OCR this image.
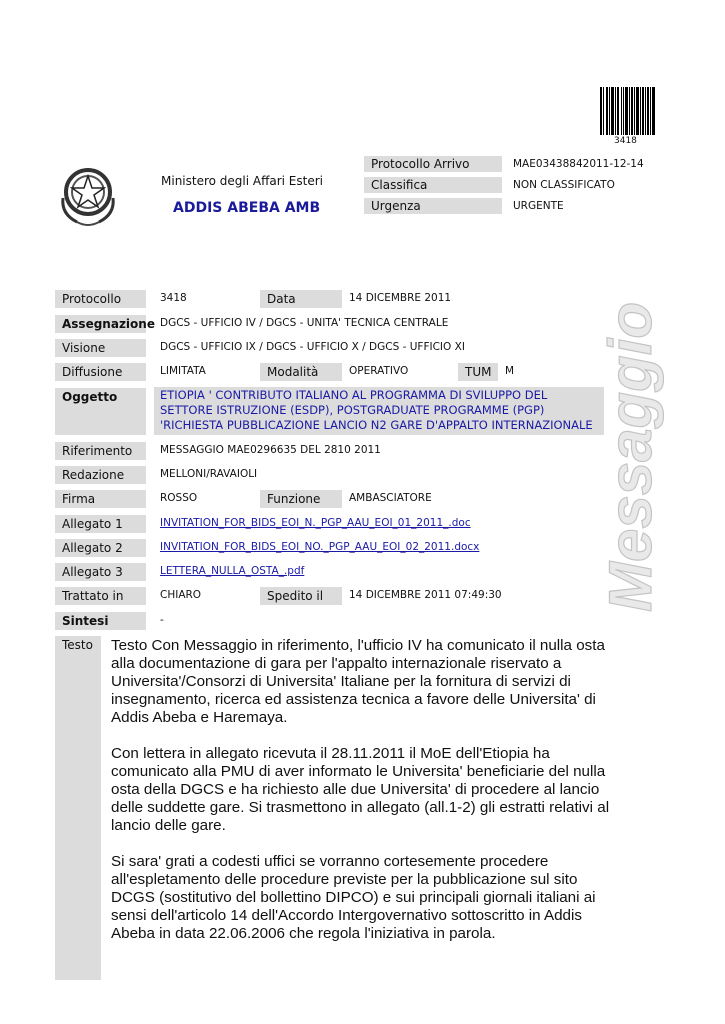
3418
Ministero degli Affari Esteri
ADDIS ABEBA AMB
Protocollo Arrivo	MAE03438842011-12-14
Classifica	NON CLASSIFICATO
Urgenza	URGENTE
Protocollo	3418	Data	14 DICEMBRE 2011
Assegnazione DGCS - UFFICIO IV / DGCS - UNITA' TECNICA CENTRALE
Visione	DGCS - UFFICIO IX / DGCS - UFFICIO X / DGCS - UFFICIO XI
Diffusione	LIMITATA	Modalità	OPERATIVO	TUM	M
Oggetto	ETIOPIA ' CONTRIBUTO ITALIANO AL PROGRAMMA DI SVILUPPO DEL SETTORE ISTRUZIONE (ESDP), POSTGRADUATE PROGRAMME (PGP) 'RICHIESTA PUBBLICAZIONE LANCIO N2 GARE D'APPALTO INTERNAZIONALE
Riferimento	MESSAGGIO MAE0296635 DEL 2810 2011
Redazione	MELLONI/RAVAIOLI
Firma	ROSSO	Funzione	AMBASCIATORE
Allegato 1	INVITATION_FOR_BIDS_EOI_N._PGP_AAU_EOI_01_2011_.doc
Allegato 2	INVITATION_FOR_BIDS_EOI_NO._PGP_AAU_EOI_02_2011.docx
Allegato 3	LETTERA_NULLA_OSTA_.pdf
Trattato in	CHIARO	Spedito il	14 DICEMBRE 2011 07:49:30
Sintesi	-
Testo Testo Con Messaggio in riferimento, l'ufficio IV ha comunicato il nulla osta alla documentazione di gara per l'appalto internazionale riservato a Universita'/Consorzi di Universita' Italiane per la fornitura di servizi di insegnamento, ricerca ed assistenza tecnica a favore delle Universita' di Addis Abeba e Haremaya.

Con lettera in allegato ricevuta il 28.11.2011 il MoE dell'Etiopia ha comunicato alla PMU di aver informato le Universita' beneficiarie del nulla osta della DGCS e ha richiesto alle due Universita' di procedere al lancio delle suddette gare. Si trasmettono in allegato (all.1-2) gli estratti relativi al lancio delle gare.

Si sara' grati a codesti uffici se vorranno cortesemente procedere all'espletamento delle procedure previste per la pubblicazione sul sito DCGS (sostitutivo del bollettino DIPCO) e sui principali giornali italiani ai sensi dell'articolo 14 dell'Accordo Intergovernativo sottoscritto in Addis Abeba in data 22.06.2006 che regola l'iniziativa in parola.

Messaggio
